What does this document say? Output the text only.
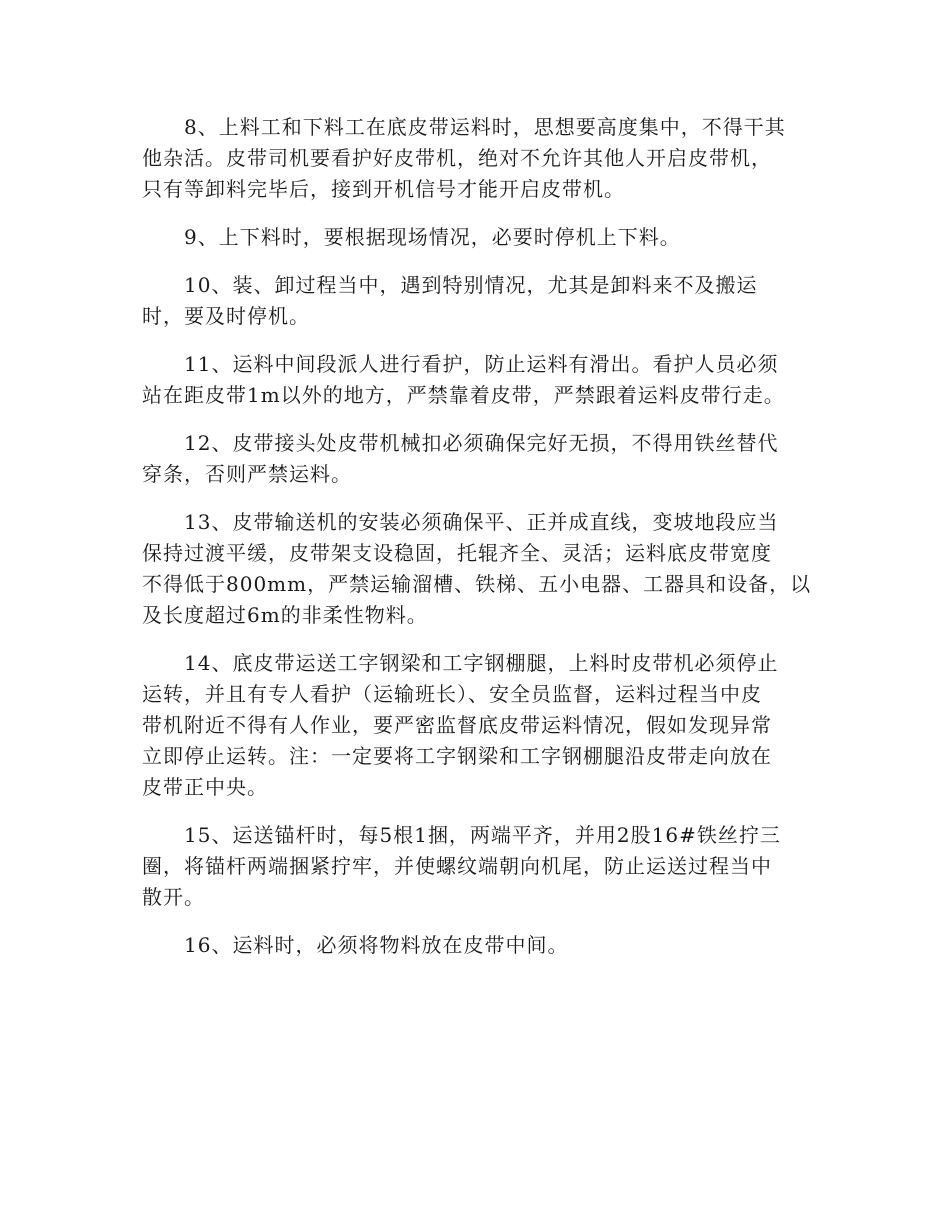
8、上料工和下料工在底皮带运料时，思想要高度集中，不得干其
他杂活。皮带司机要看护好皮带机，绝对不允许其他人开启皮带机，
只有等卸料完毕后，接到开机信号才能开启皮带机。

9、上下料时，要根据现场情况，必要时停机上下料。

10、装、卸过程当中，遇到特别情况，尤其是卸料来不及搬运
时，要及时停机。

11、运料中间段派人进行看护，防止运料有滑出。看护人员必须
站在距皮带1m以外的地方，严禁靠着皮带，严禁跟着运料皮带行走。

12、皮带接头处皮带机械扣必须确保完好无损，不得用铁丝替代
穿条，否则严禁运料。

13、皮带输送机的安装必须确保平、正并成直线，变坡地段应当
保持过渡平缓，皮带架支设稳固，托辊齐全、灵活；运料底皮带宽度
不得低于800mm，严禁运输溜槽、铁梯、五小电器、工器具和设备，以
及长度超过6m的非柔性物料。

14、底皮带运送工字钢梁和工字钢棚腿，上料时皮带机必须停止
运转，并且有专人看护（运输班长）、安全员监督，运料过程当中皮
带机附近不得有人作业，要严密监督底皮带运料情况，假如发现异常
立即停止运转。注：一定要将工字钢梁和工字钢棚腿沿皮带走向放在
皮带正中央。

15、运送锚杆时，每5根1捆，两端平齐，并用2股16#铁丝拧三
圈，将锚杆两端捆紧拧牢，并使螺纹端朝向机尾，防止运送过程当中
散开。

16、运料时，必须将物料放在皮带中间。
